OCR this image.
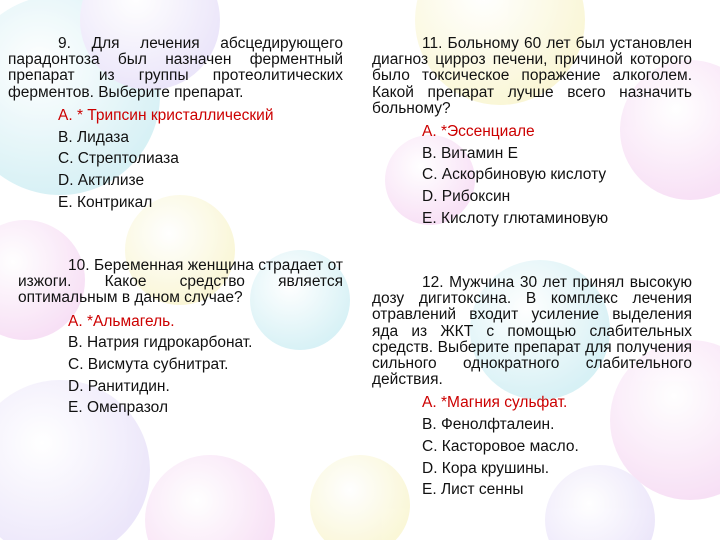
9. Для лечения абсцедирующего парадонтоза был назначен ферментный препарат из группы протеолитических ферментов. Выберите препарат.

A. * Трипсин кристаллический
B. Лидаза
C. Стрептолиаза
D. Актилизе
E. Контрикал

10. Беременная женщина страдает от изжоги. Какое средство является оптимальным в даном случае?

A. *Альмагель.
B. Натрия гидрокарбонат.
C. Висмута субнитрат.
D. Ранитидин.
E. Омепразол

11. Больному 60 лет был установлен диагноз цирроз печени, причиной которого было токсическое поражение алкоголем. Какой препарат лучше всего назначить больному?

A. *Эссенциале
B. Витамин Е
C. Аскорбиновую кислоту
D. Рибоксин
E. Кислоту глютаминовую

12. Мужчина 30 лет принял высокую дозу дигитоксина. В комплекс лечения отравлений входит усиление выделения яда из ЖКТ с помощью слабительных средств. Выберите препарат для получения сильного однократного слабительного действия.

A. *Магния сульфат.
B. Фенолфталеин.
C. Касторовое масло.
D. Кора крушины.
E. Лист сенны
